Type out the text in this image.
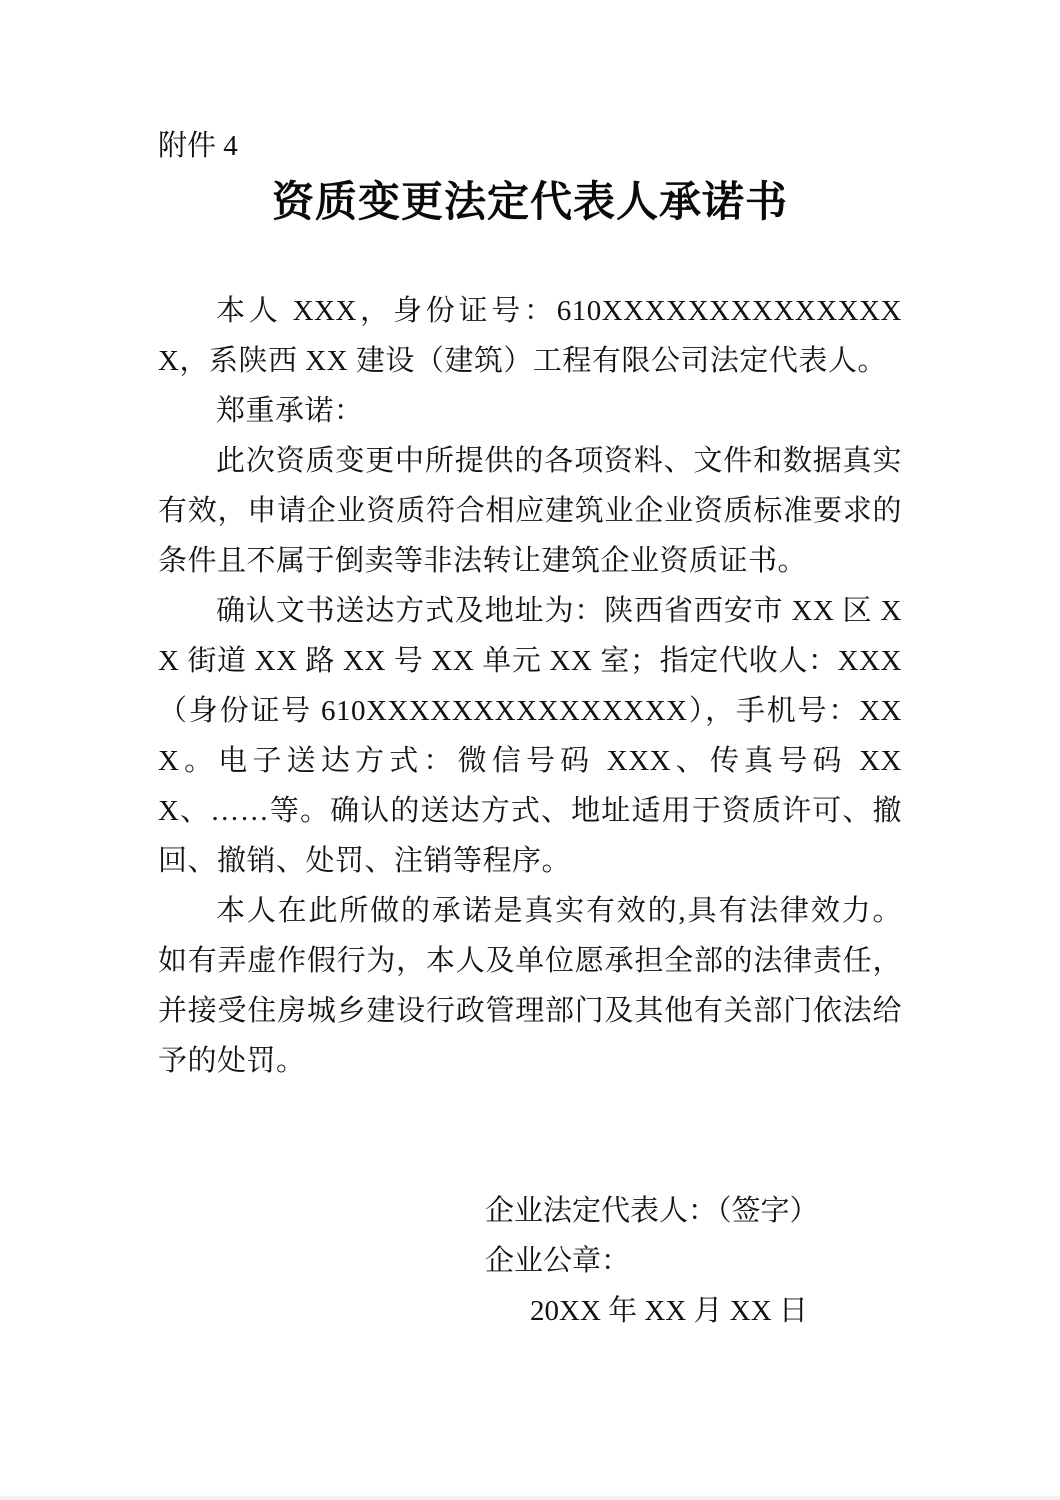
附件 4
资质变更法定代表人承诺书

本人 XXX，身份证号：610XXXXXXXXXXXXXXX，系陕西 XX 建设（建筑）工程有限公司法定代表人。

郑重承诺：

此次资质变更中所提供的各项资料、文件和数据真实有效，申请企业资质符合相应建筑业企业资质标准要求的条件且不属于倒卖等非法转让建筑企业资质证书。

确认文书送达方式及地址为：陕西省西安市 XX 区 XX 街道 XX 路 XX 号 XX 单元 XX 室；指定代收人：XXX（身份证号 610XXXXXXXXXXXXXXX），手机号：XXX。电子送达方式：微信号码 XXX、传真号码 XXX、……等。确认的送达方式、地址适用于资质许可、撤回、撤销、处罚、注销等程序。

本人在此所做的承诺是真实有效的,具有法律效力。如有弄虚作假行为，本人及单位愿承担全部的法律责任，并接受住房城乡建设行政管理部门及其他有关部门依法给予的处罚。

企业法定代表人：（签字）
企业公章：
20XX 年 XX 月 XX 日
